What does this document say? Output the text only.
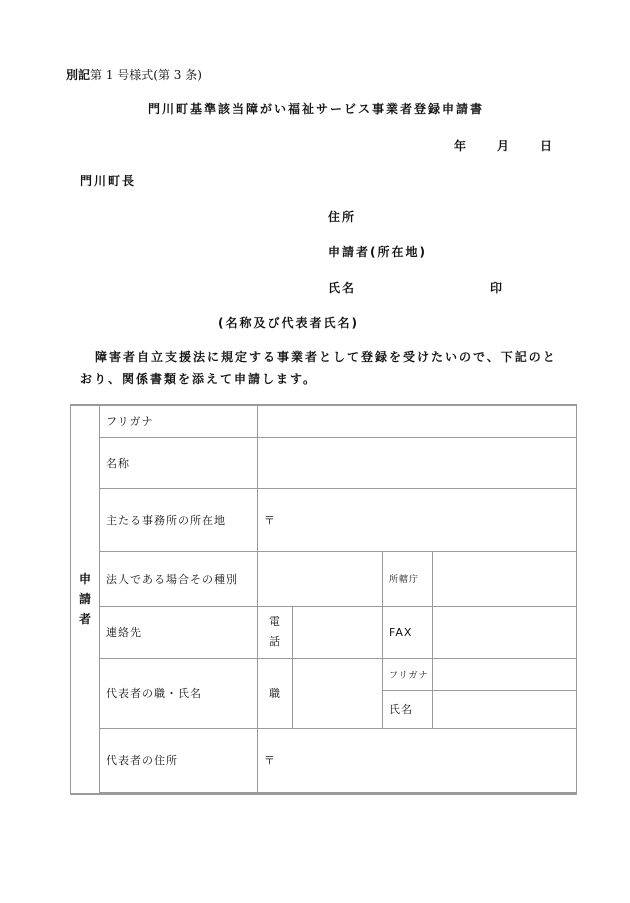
別記第 1 号様式(第 3 条)
門川町基準該当障がい福祉サービス事業者登録申請書
年	月	日
門川町長
住所
申請者(所在地)
氏名	印
(名称及び代表者氏名)
障害者自立支援法に規定する事業者として登録を受けたいので、下記のと
おり、関係書類を添えて申請します。
申請者	フリガナ				
	名称				
	主たる事務所の所在地	〒			
	法人である場合その種別			所轄庁	
	連絡先	電話		FAX	
	代表者の職・氏名	職		フリガナ	
				氏名	
	代表者の住所	〒			
